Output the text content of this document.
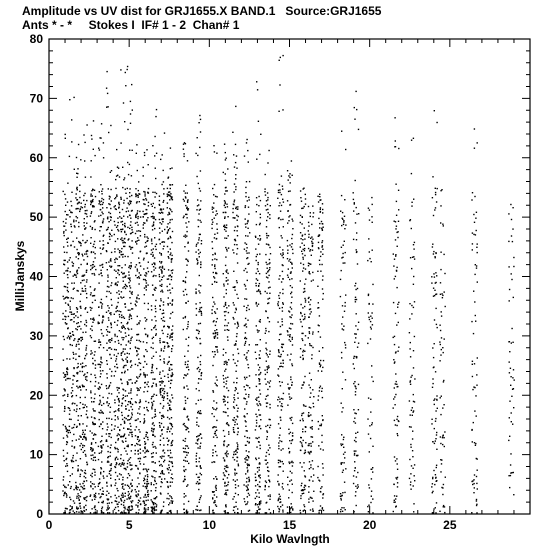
Amplitude vs UV dist for GRJ1655.X BAND.1   Source:GRJ1655
Ants * - *     Stokes I  IF# 1 - 2  Chan# 1
0	5	10	15	20	25
0
10
20
30
40
50
60
70
80
Kilo Wavlngth
MilliJanskys
